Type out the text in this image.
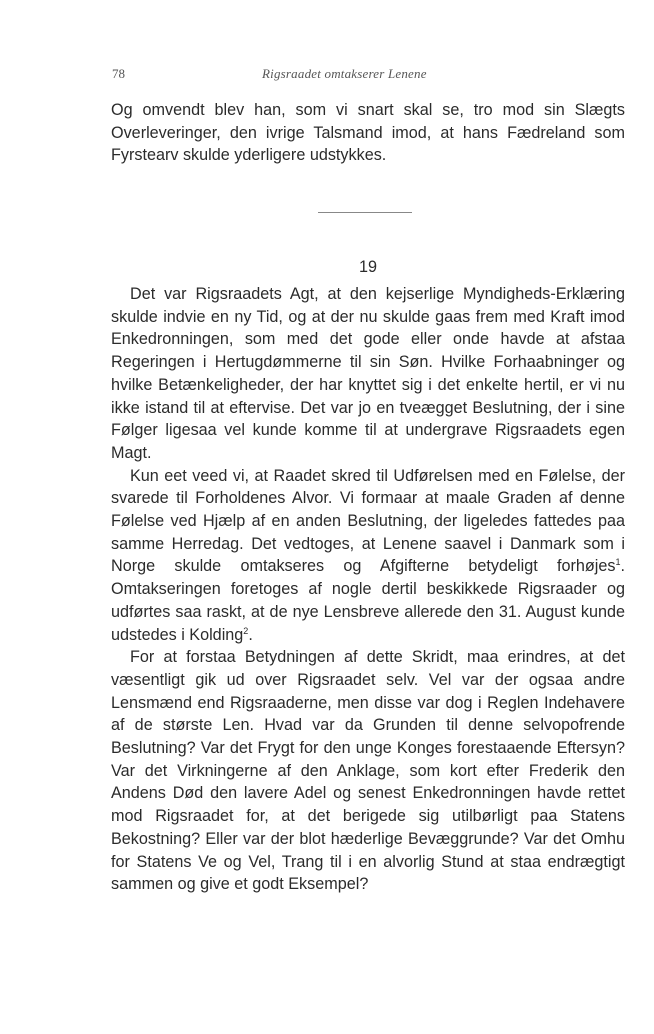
78	Rigsraadet omtakserer Lenene

Og omvendt blev han, som vi snart skal se, tro mod sin Slægts Overleveringer, den ivrige Talsmand imod, at hans Fædreland som Fyrstearv skulde yderligere udstykkes.

19

Det var Rigsraadets Agt, at den kejserlige Myndigheds-Erklæring skulde indvie en ny Tid, og at der nu skulde gaas frem med Kraft imod Enkedronningen, som med det gode eller onde havde at afstaa Regeringen i Hertugdømmerne til sin Søn. Hvilke Forhaabninger og hvilke Betænkeligheder, der har knyttet sig i det enkelte hertil, er vi nu ikke istand til at eftervise. Det var jo en tveægget Beslutning, der i sine Følger ligesaa vel kunde komme til at undergrave Rigsraadets egen Magt.

Kun eet veed vi, at Raadet skred til Udførelsen med en Følelse, der svarede til Forholdenes Alvor. Vi formaar at maale Graden af denne Følelse ved Hjælp af en anden Beslutning, der ligeledes fattedes paa samme Herredag. Det vedtoges, at Lenene saavel i Danmark som i Norge skulde omtakseres og Afgifterne betydeligt forhøjes$^1$. Omtakseringen foretoges af nogle dertil beskikkede Rigsraader og udførtes saa raskt, at de nye Lensbreve allerede den 31. August kunde udstedes i Kolding$^2$.

For at forstaa Betydningen af dette Skridt, maa erindres, at det væsentligt gik ud over Rigsraadet selv. Vel var der ogsaa andre Lensmænd end Rigsraaderne, men disse var dog i Reglen Indehavere af de største Len. Hvad var da Grunden til denne selvopofrende Beslutning? Var det Frygt for den unge Konges forestaaende Eftersyn? Var det Virkningerne af den Anklage, som kort efter Frederik den Andens Død den lavere Adel og senest Enkedronningen havde rettet mod Rigsraadet for, at det berigede sig utilbørligt paa Statens Bekostning? Eller var der blot hæderlige Bevæggrunde? Var det Omhu for Statens Ve og Vel, Trang til i en alvorlig Stund at staa endrægtigt sammen og give et godt Eksempel?
